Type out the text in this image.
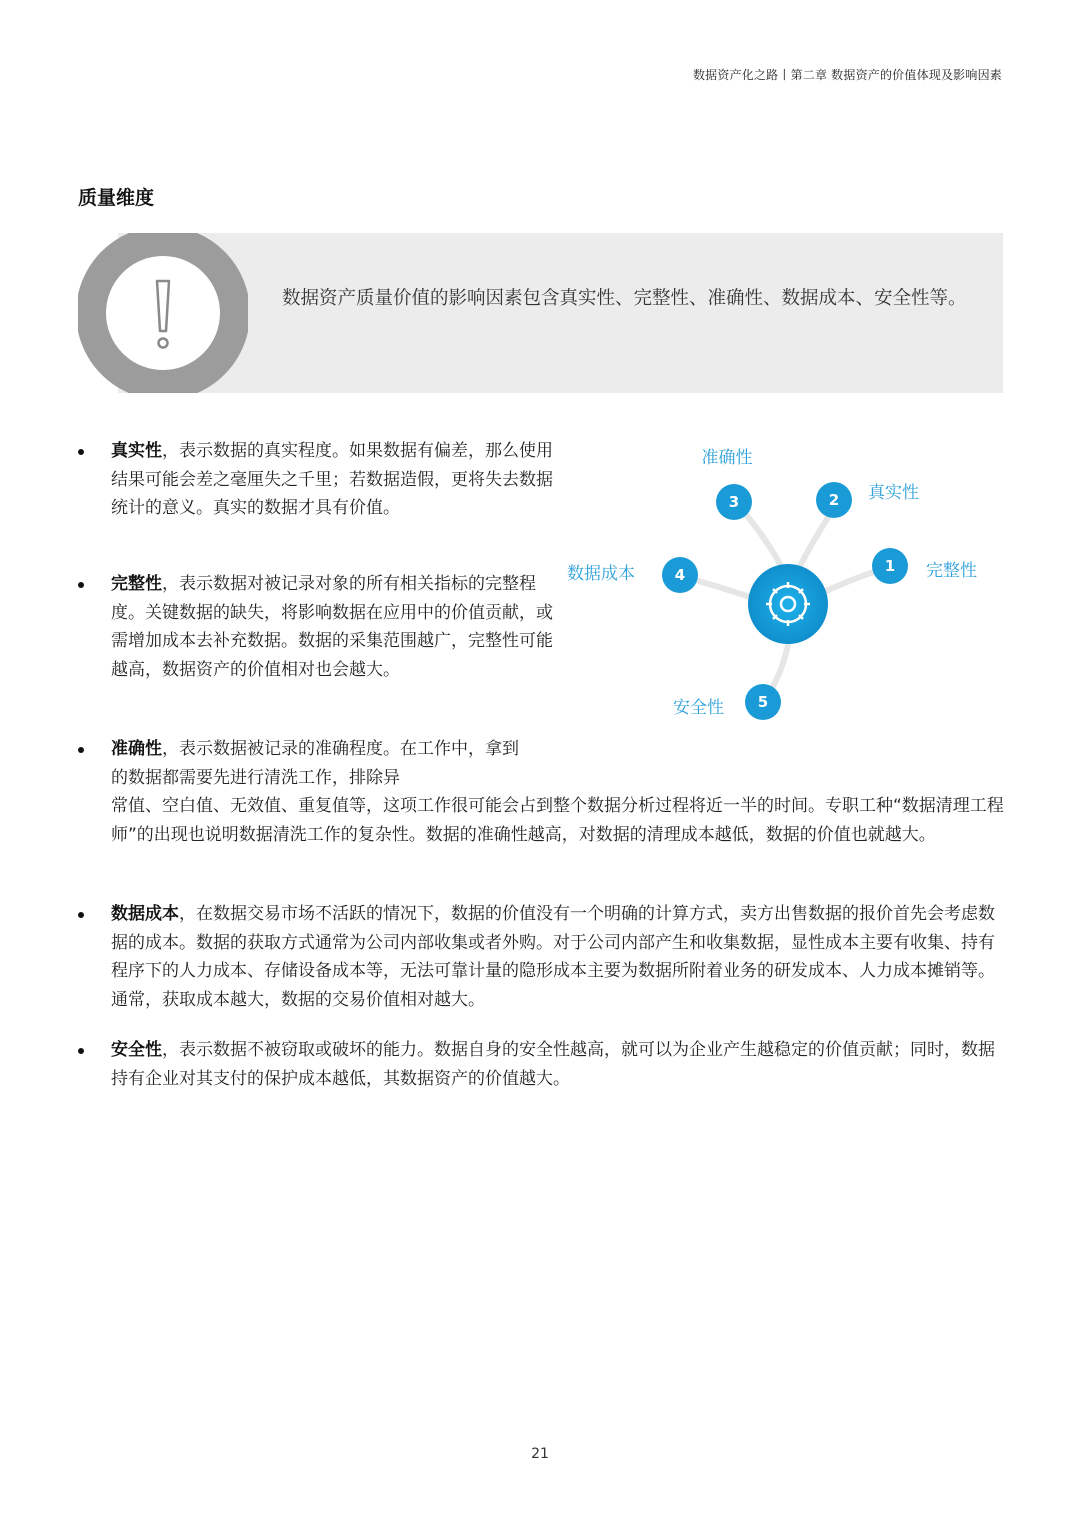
数据资产化之路丨第二章 数据资产的价值体现及影响因素
质量维度
数据资产质量价值的影响因素包含真实性、完整性、准确性、数据成本、安全性等。
真实性，表示数据的真实程度。如果数据有偏差，那么使用结果可能会差之毫厘失之千里；若数据造假，更将失去数据统计的意义。真实的数据才具有价值。
完整性，表示数据对被记录对象的所有相关指标的完整程度。关键数据的缺失，将影响数据在应用中的价值贡献，或需增加成本去补充数据。数据的采集范围越广，完整性可能越高，数据资产的价值相对也会越大。
准确性，表示数据被记录的准确程度。在工作中，拿到的数据都需要先进行清洗工作，排除异
常值、空白值、无效值、重复值等，这项工作很可能会占到整个数据分析过程将近一半的时间。专职工种“数据清理工程师”的出现也说明数据清洗工作的复杂性。数据的准确性越高，对数据的清理成本越低，数据的价值也就越大。
数据成本，在数据交易市场不活跃的情况下，数据的价值没有一个明确的计算方式，卖方出售数据的报价首先会考虑数据的成本。数据的获取方式通常为公司内部收集或者外购。对于公司内部产生和收集数据，显性成本主要有收集、持有程序下的人力成本、存储设备成本等，无法可靠计量的隐形成本主要为数据所附着业务的研发成本、人力成本摊销等。通常，获取成本越大，数据的交易价值相对越大。
安全性，表示数据不被窃取或破坏的能力。数据自身的安全性越高，就可以为企业产生越稳定的价值贡献；同时，数据持有企业对其支付的保护成本越低，其数据资产的价值越大。
1 完整性
2 真实性
3
准确性
4
数据成本
5
安全性
21
